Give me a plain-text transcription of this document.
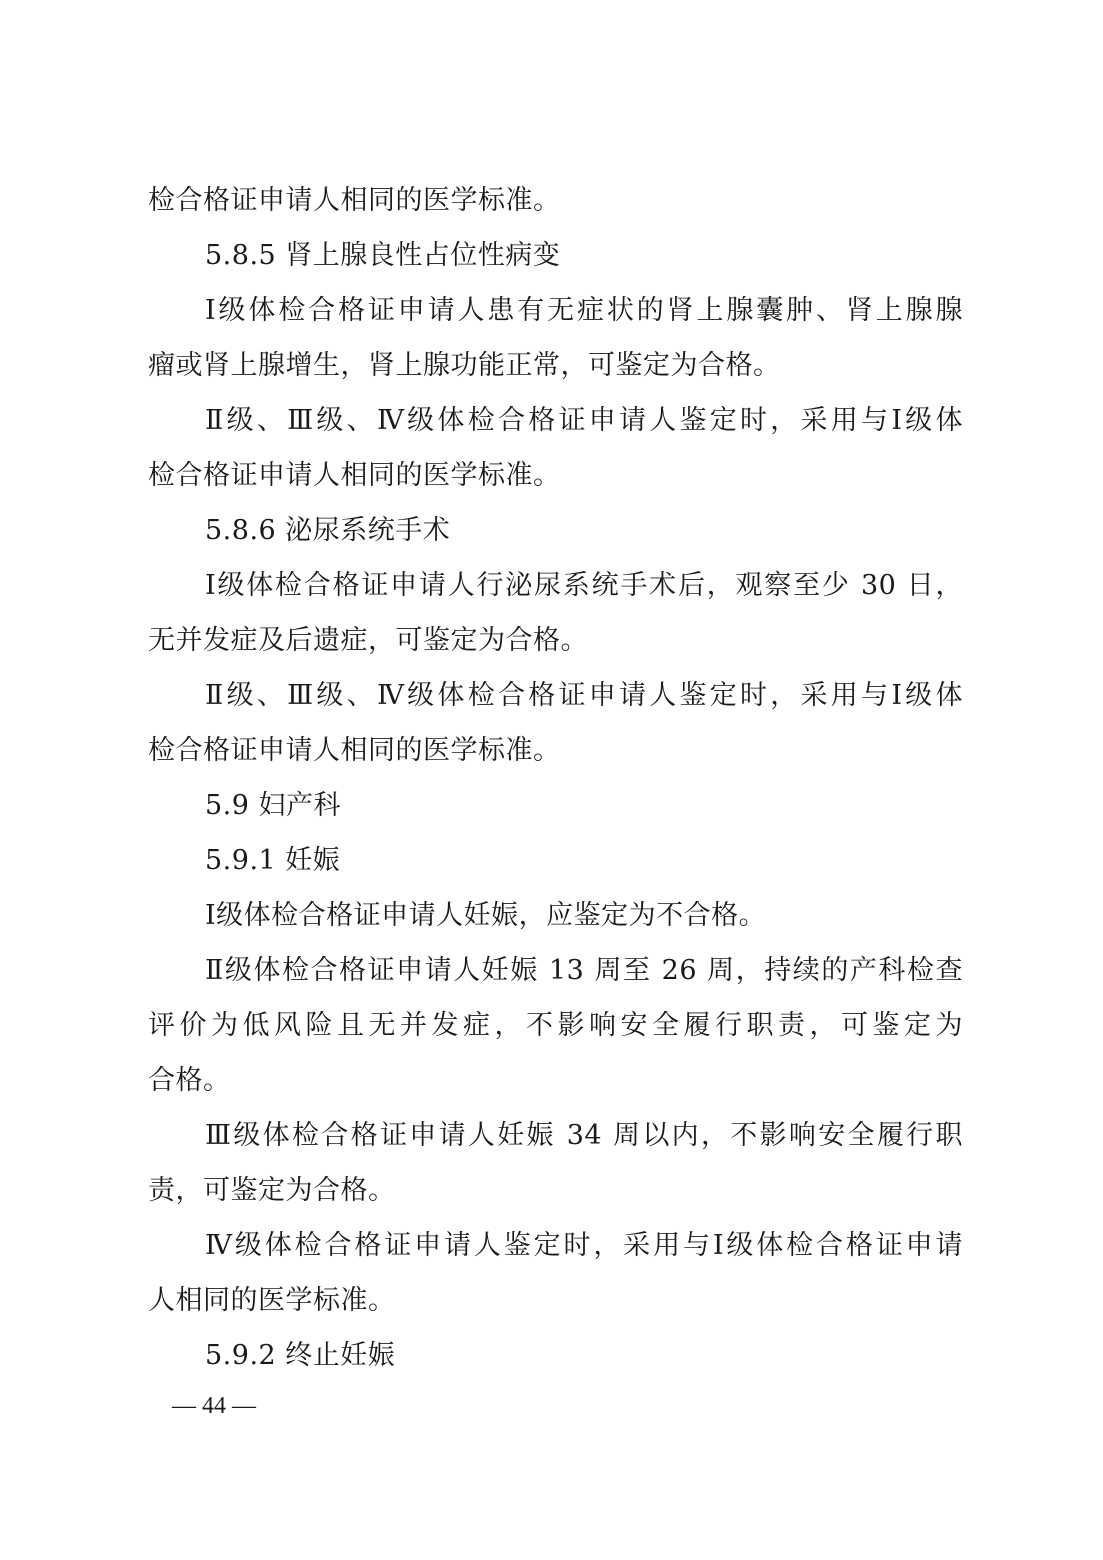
检合格证申请人相同的医学标准。
5.8.5 肾上腺良性占位性病变
Ⅰ级体检合格证申请人患有无症状的肾上腺囊肿、肾上腺腺
瘤或肾上腺增生，肾上腺功能正常，可鉴定为合格。
Ⅱ级、Ⅲ级、Ⅳ级体检合格证申请人鉴定时，采用与Ⅰ级体
检合格证申请人相同的医学标准。
5.8.6 泌尿系统手术
Ⅰ级体检合格证申请人行泌尿系统手术后，观察至少 30 日，
无并发症及后遗症，可鉴定为合格。
Ⅱ级、Ⅲ级、Ⅳ级体检合格证申请人鉴定时，采用与Ⅰ级体
检合格证申请人相同的医学标准。
5.9 妇产科
5.9.1 妊娠
Ⅰ级体检合格证申请人妊娠，应鉴定为不合格。
Ⅱ级体检合格证申请人妊娠 13 周至 26 周，持续的产科检查
评价为低风险且无并发症，不影响安全履行职责，可鉴定为
合格。
Ⅲ级体检合格证申请人妊娠 34 周以内，不影响安全履行职
责，可鉴定为合格。
Ⅳ级体检合格证申请人鉴定时，采用与Ⅰ级体检合格证申请
人相同的医学标准。
5.9.2 终止妊娠
— 44 —
